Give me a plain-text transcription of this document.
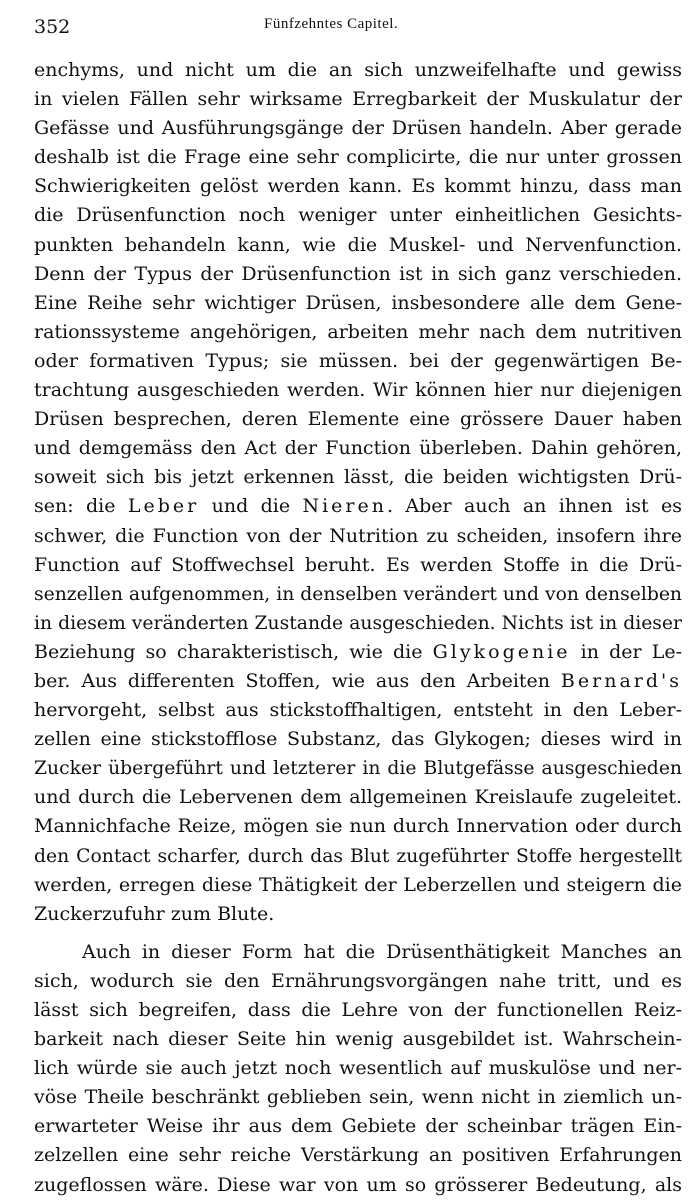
352	Fünfzehntes Capitel.
enchyms, und nicht um die an sich unzweifelhafte und gewiss
in vielen Fällen sehr wirksame Erregbarkeit der Muskulatur der
Gefässe und Ausführungsgänge der Drüsen handeln. Aber gerade
deshalb ist die Frage eine sehr complicirte, die nur unter grossen
Schwierigkeiten gelöst werden kann. Es kommt hinzu, dass man
die Drüsenfunction noch weniger unter einheitlichen Gesichts-
punkten behandeln kann, wie die Muskel- und Nervenfunction.
Denn der Typus der Drüsenfunction ist in sich ganz verschieden.
Eine Reihe sehr wichtiger Drüsen, insbesondere alle dem Gene-
rationssysteme angehörigen, arbeiten mehr nach dem nutritiven
oder formativen Typus; sie müssen. bei der gegenwärtigen Be-
trachtung ausgeschieden werden. Wir können hier nur diejenigen
Drüsen besprechen, deren Elemente eine grössere Dauer haben
und demgemäss den Act der Function überleben. Dahin gehören,
soweit sich bis jetzt erkennen lässt, die beiden wichtigsten Drü-
sen: die Leber und die Nieren. Aber auch an ihnen ist es
schwer, die Function von der Nutrition zu scheiden, insofern ihre
Function auf Stoffwechsel beruht. Es werden Stoffe in die Drü-
senzellen aufgenommen, in denselben verändert und von denselben
in diesem veränderten Zustande ausgeschieden. Nichts ist in dieser
Beziehung so charakteristisch, wie die Glykogenie in der Le-
ber. Aus differenten Stoffen, wie aus den Arbeiten Bernard's
hervorgeht, selbst aus stickstoffhaltigen, entsteht in den Leber-
zellen eine stickstofflose Substanz, das Glykogen; dieses wird in
Zucker übergeführt und letzterer in die Blutgefässe ausgeschieden
und durch die Lebervenen dem allgemeinen Kreislaufe zugeleitet.
Mannichfache Reize, mögen sie nun durch Innervation oder durch
den Contact scharfer, durch das Blut zugeführter Stoffe hergestellt
werden, erregen diese Thätigkeit der Leberzellen und steigern die
Zuckerzufuhr zum Blute.
Auch in dieser Form hat die Drüsenthätigkeit Manches an
sich, wodurch sie den Ernährungsvorgängen nahe tritt, und es
lässt sich begreifen, dass die Lehre von der functionellen Reiz-
barkeit nach dieser Seite hin wenig ausgebildet ist. Wahrschein-
lich würde sie auch jetzt noch wesentlich auf muskulöse und ner-
vöse Theile beschränkt geblieben sein, wenn nicht in ziemlich un-
erwarteter Weise ihr aus dem Gebiete der scheinbar trägen Ein-
zelzellen eine sehr reiche Verstärkung an positiven Erfahrungen
zugeflossen wäre. Diese war von um so grösserer Bedeutung, als
